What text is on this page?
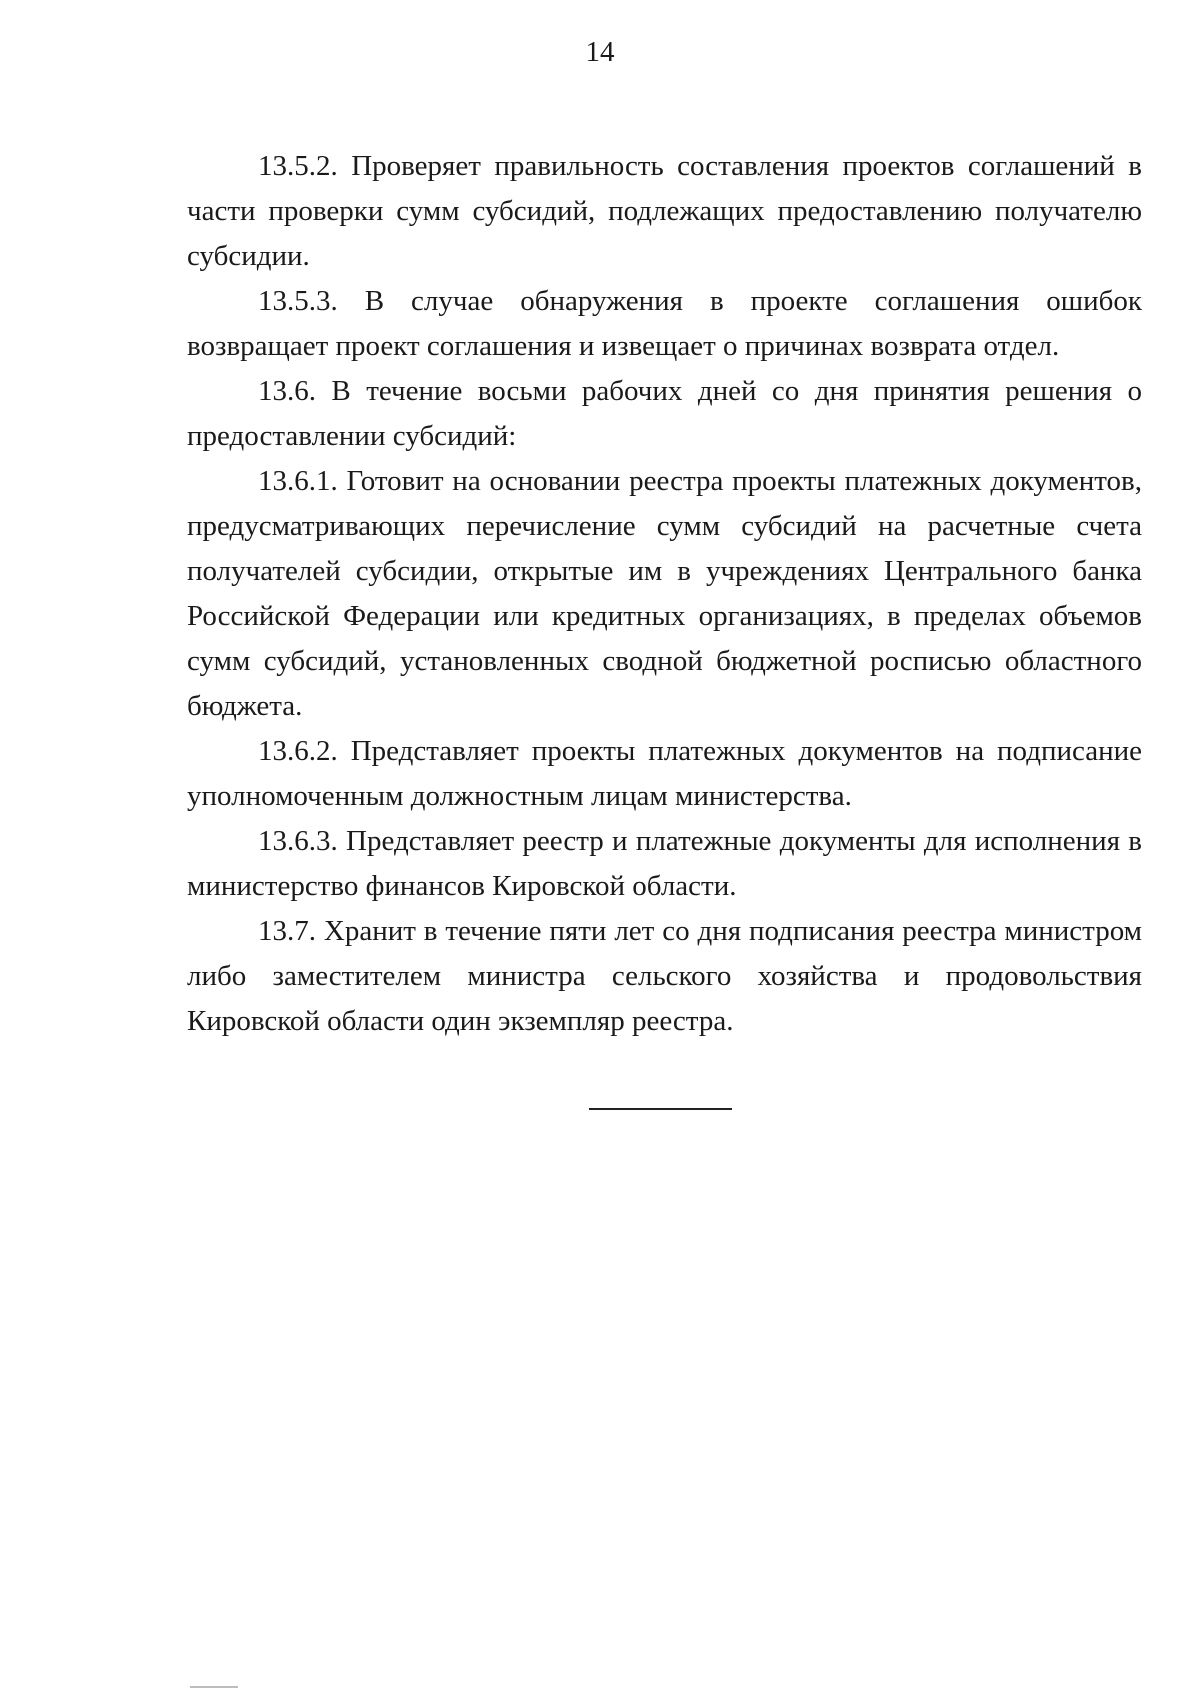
14

13.5.2. Проверяет правильность составления проектов соглашений в части проверки сумм субсидий, подлежащих предоставлению получателю субсидии.

13.5.3. В случае обнаружения в проекте соглашения ошибок возвращает проект соглашения и извещает о причинах возврата отдел.

13.6. В течение восьми рабочих дней со дня принятия решения о предоставлении субсидий:

13.6.1. Готовит на основании реестра проекты платежных документов, предусматривающих перечисление сумм субсидий на расчетные счета получателей субсидии, открытые им в учреждениях Центрального банка Российской Федерации или кредитных организациях, в пределах объемов сумм субсидий, установленных сводной бюджетной росписью областного бюджета.

13.6.2. Представляет проекты платежных документов на подписание уполномоченным должностным лицам министерства.

13.6.3. Представляет реестр и платежные документы для исполнения в министерство финансов Кировской области.

13.7. Хранит в течение пяти лет со дня подписания реестра министром либо заместителем министра сельского хозяйства и продовольствия Кировской области один экземпляр реестра.
